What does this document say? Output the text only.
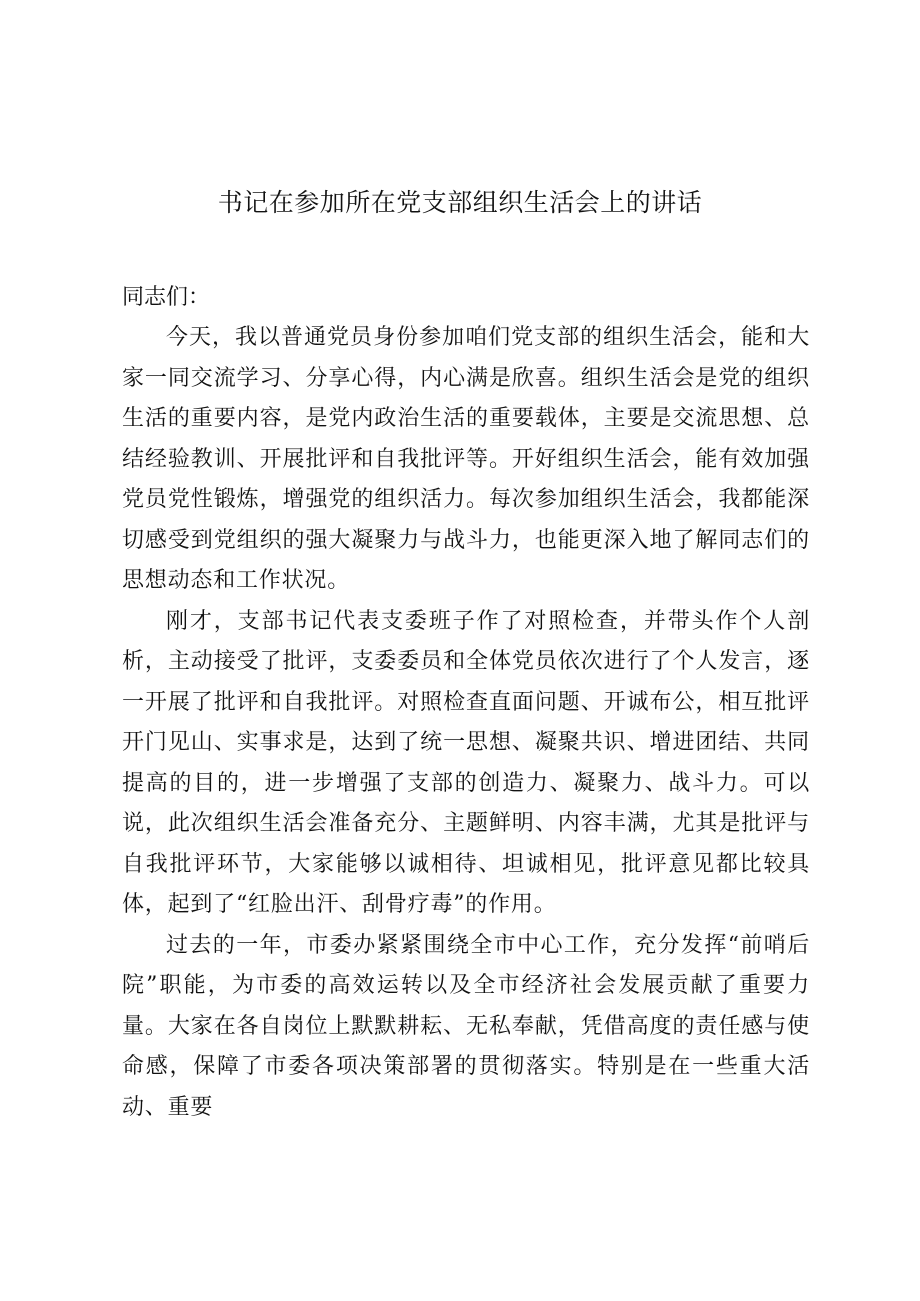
书记在参加所在党支部组织生活会上的讲话

同志们：

今天，我以普通党员身份参加咱们党支部的组织生活会，能和大家一同交流学习、分享心得，内心满是欣喜。组织生活会是党的组织生活的重要内容，是党内政治生活的重要载体，主要是交流思想、总结经验教训、开展批评和自我批评等。开好组织生活会，能有效加强党员党性锻炼，增强党的组织活力。每次参加组织生活会，我都能深切感受到党组织的强大凝聚力与战斗力，也能更深入地了解同志们的思想动态和工作状况。

刚才，支部书记代表支委班子作了对照检查，并带头作个人剖析，主动接受了批评，支委委员和全体党员依次进行了个人发言，逐一开展了批评和自我批评。对照检查直面问题、开诚布公，相互批评开门见山、实事求是，达到了统一思想、凝聚共识、增进团结、共同提高的目的，进一步增强了支部的创造力、凝聚力、战斗力。可以说，此次组织生活会准备充分、主题鲜明、内容丰满，尤其是批评与自我批评环节，大家能够以诚相待、坦诚相见，批评意见都比较具体，起到了“红脸出汗、刮骨疗毒”的作用。

过去的一年，市委办紧紧围绕全市中心工作，充分发挥“前哨后院”职能，为市委的高效运转以及全市经济社会发展贡献了重要力量。大家在各自岗位上默默耕耘、无私奉献，凭借高度的责任感与使命感，保障了市委各项决策部署的贯彻落实。特别是在一些重大活动、重要
